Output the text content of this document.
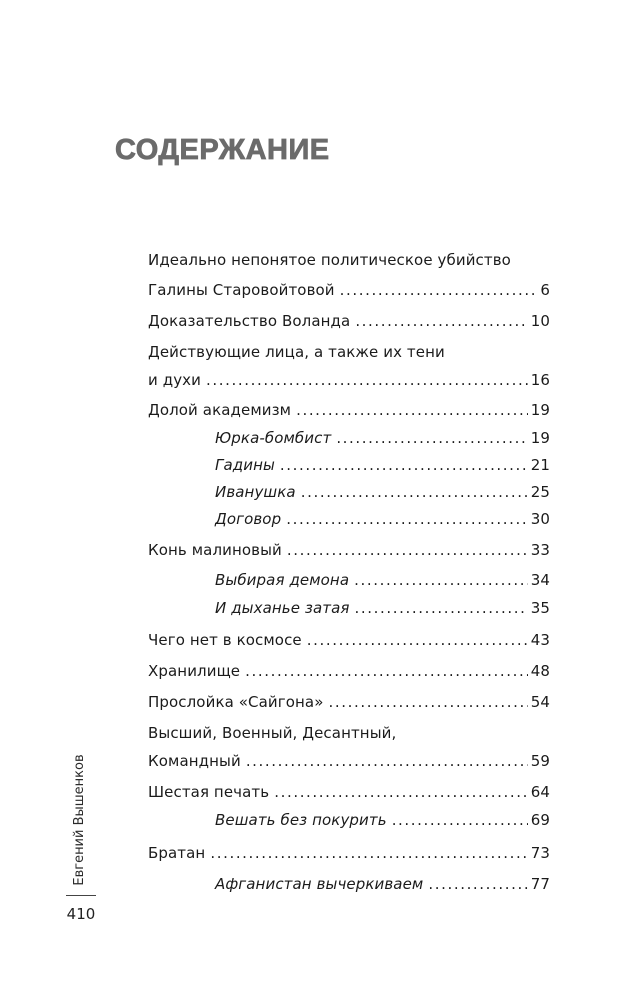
СОДЕРЖАНИЕ
Идеально непонятое политическое убийство
Галины Старовойтовой .....	6
Доказательство Воланда .....	10
Действующие лица, а также их тени
и духи .....	16
Долой академизм .....	19
Юрка-бомбист .....	19
Гадины .....	21
Иванушка .....	25
Договор .....	30
Конь малиновый .....	33
Выбирая демона .....	34
И дыханье затая .....	35
Чего нет в космосе .....	43
Хранилище .....	48
Прослойка «Сайгона» .....	54
Высший, Военный, Десантный,
Командный .....	59
Шестая печать .....	64
Вешать без покурить .....	69
Братан .....	73
Афганистан вычеркиваем .....	77
Евгений Вышенков
410
